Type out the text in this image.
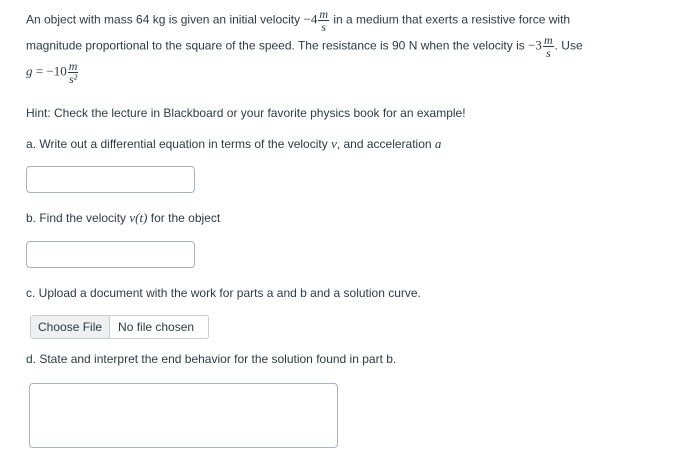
An object with mass 64 kg is given an initial velocity $-4 \frac{m}{s}$ in a medium that exerts a resistive force with
magnitude proportional to the square of the speed. The resistance is 90 N when the velocity is $-3 \frac{m}{s}$ . Use
$g = -10 \frac{m}{\text{s²}}$
Hint: Check the lecture in Blackboard or your favorite physics book for an example!
a. Write out a differential equation in terms of the velocity v, and acceleration a
b. Find the velocity v(t) for the object
c. Upload a document with the work for parts a and b and a solution curve.
Choose File	No file chosen
d. State and interpret the end behavior for the solution found in part b.
